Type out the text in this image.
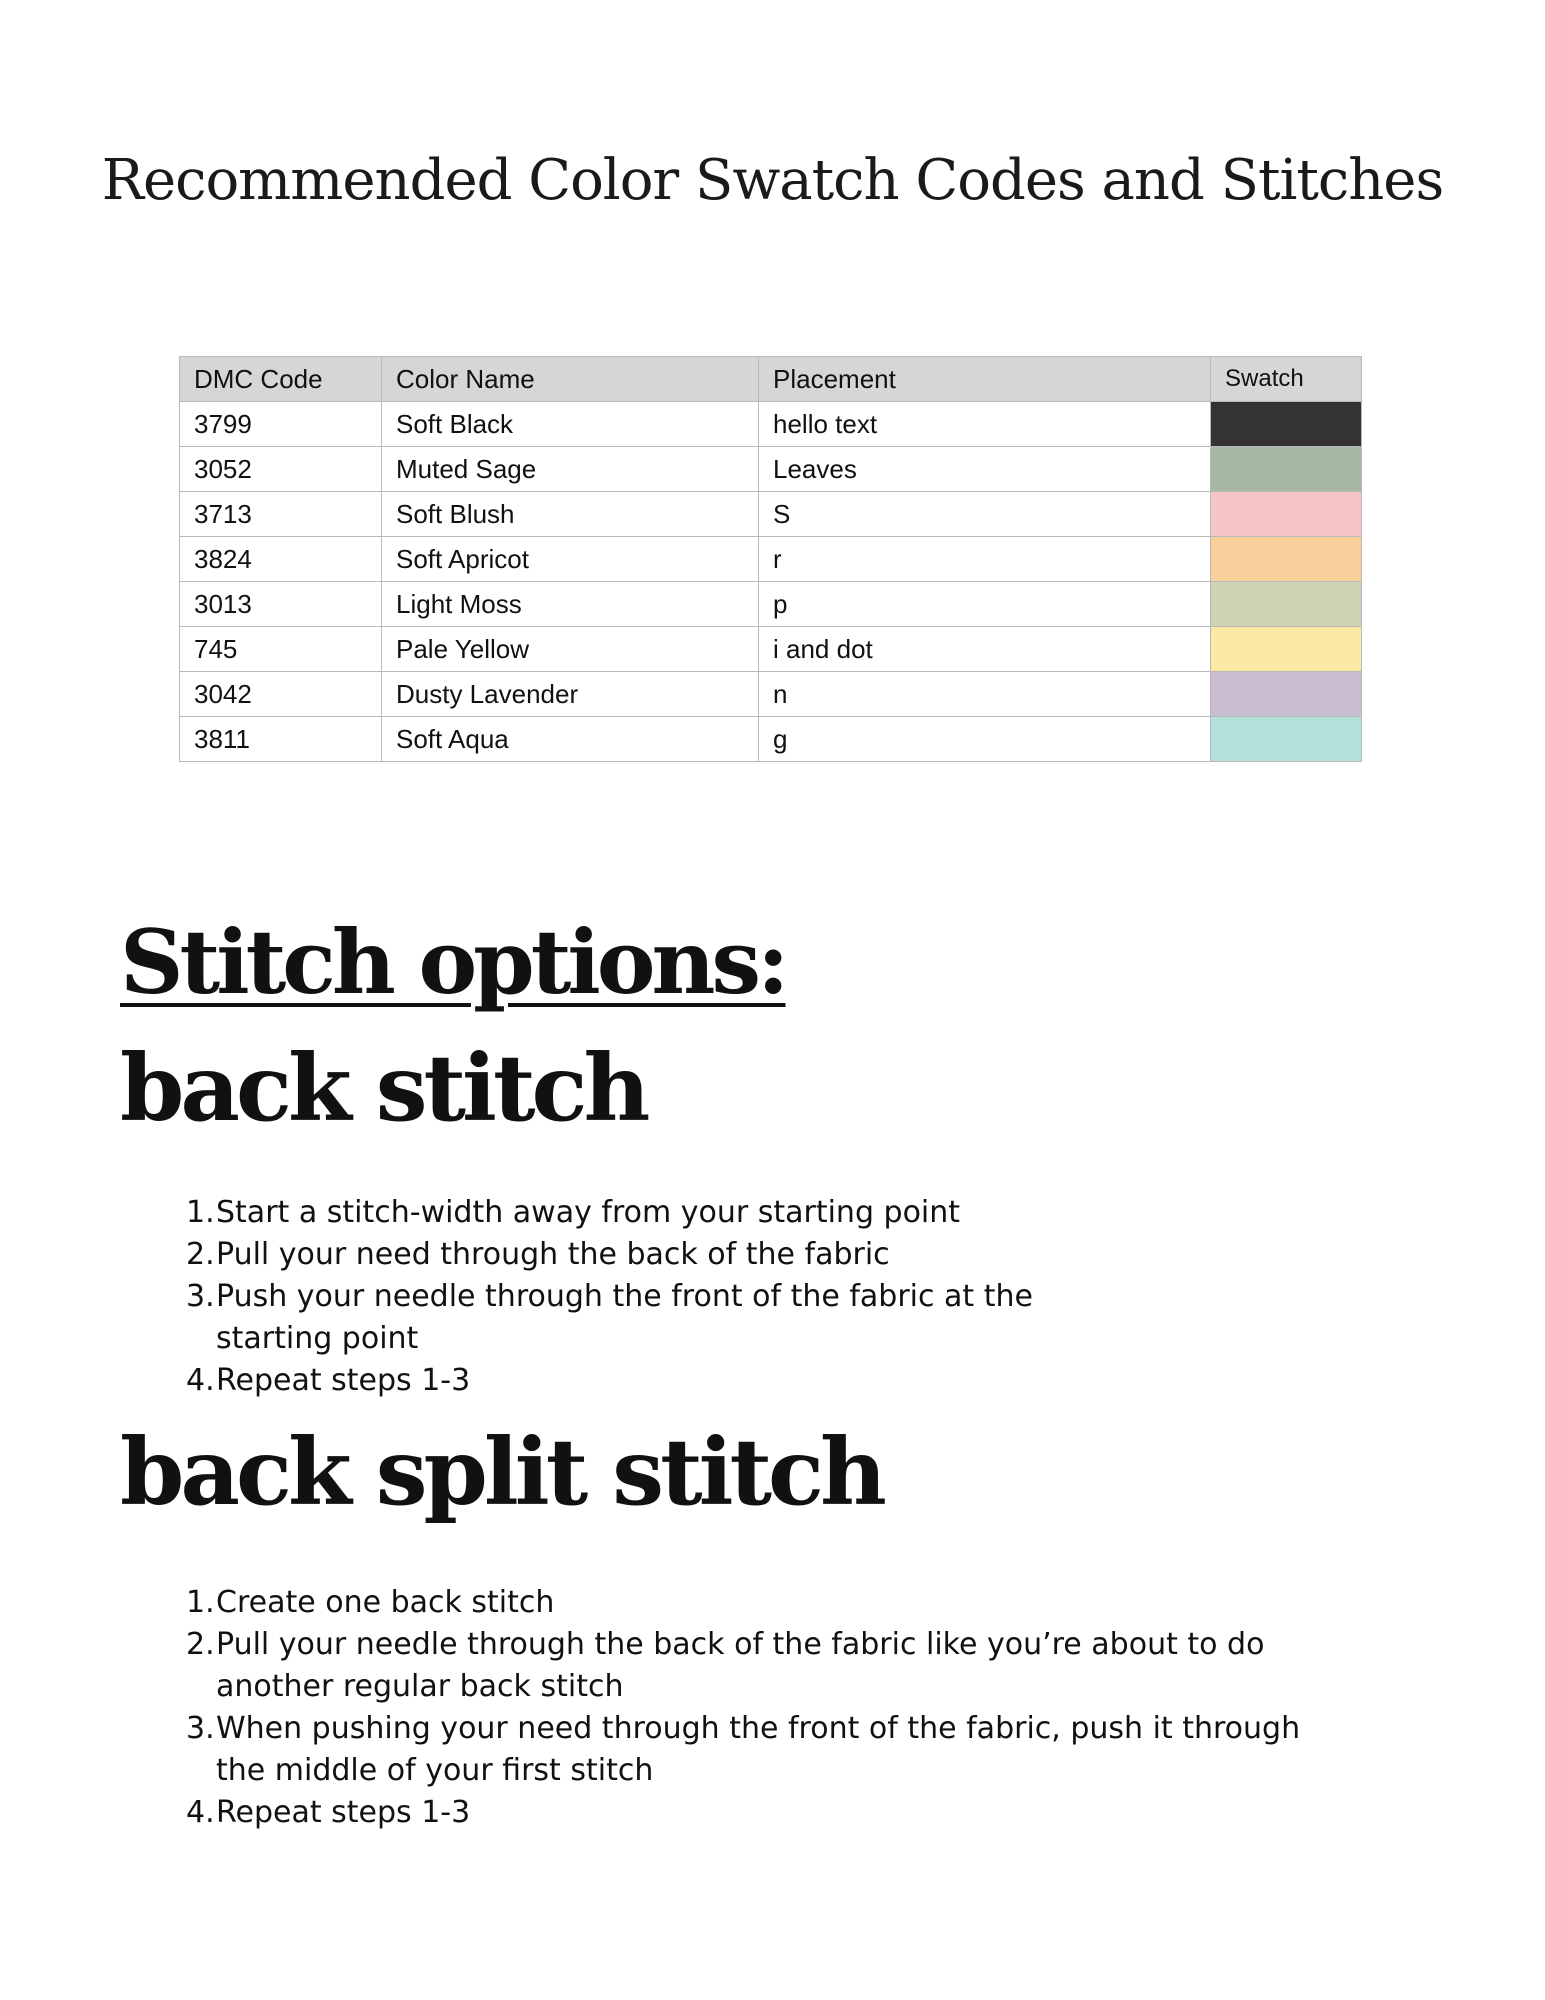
Recommended Color Swatch Codes and Stitches
DMC Code	Color Name	Placement	Swatch
3799	Soft Black	hello text	
3052	Muted Sage	Leaves	
3713	Soft Blush	S	
3824	Soft Apricot	r	
3013	Light Moss	p	
745	Pale Yellow	i and dot	
3042	Dusty Lavender	n	
3811	Soft Aqua	g	
Stitch options:
back stitch
1. Start a stitch-width away from your starting point
2. Pull your need through the back of the fabric
3. Push your needle through the front of the fabric at the starting point
4. Repeat steps 1-3
back split stitch
1. Create one back stitch
2. Pull your needle through the back of the fabric like you’re about to do another regular back stitch
3. When pushing your need through the front of the fabric, push it through the middle of your first stitch
4. Repeat steps 1-3
